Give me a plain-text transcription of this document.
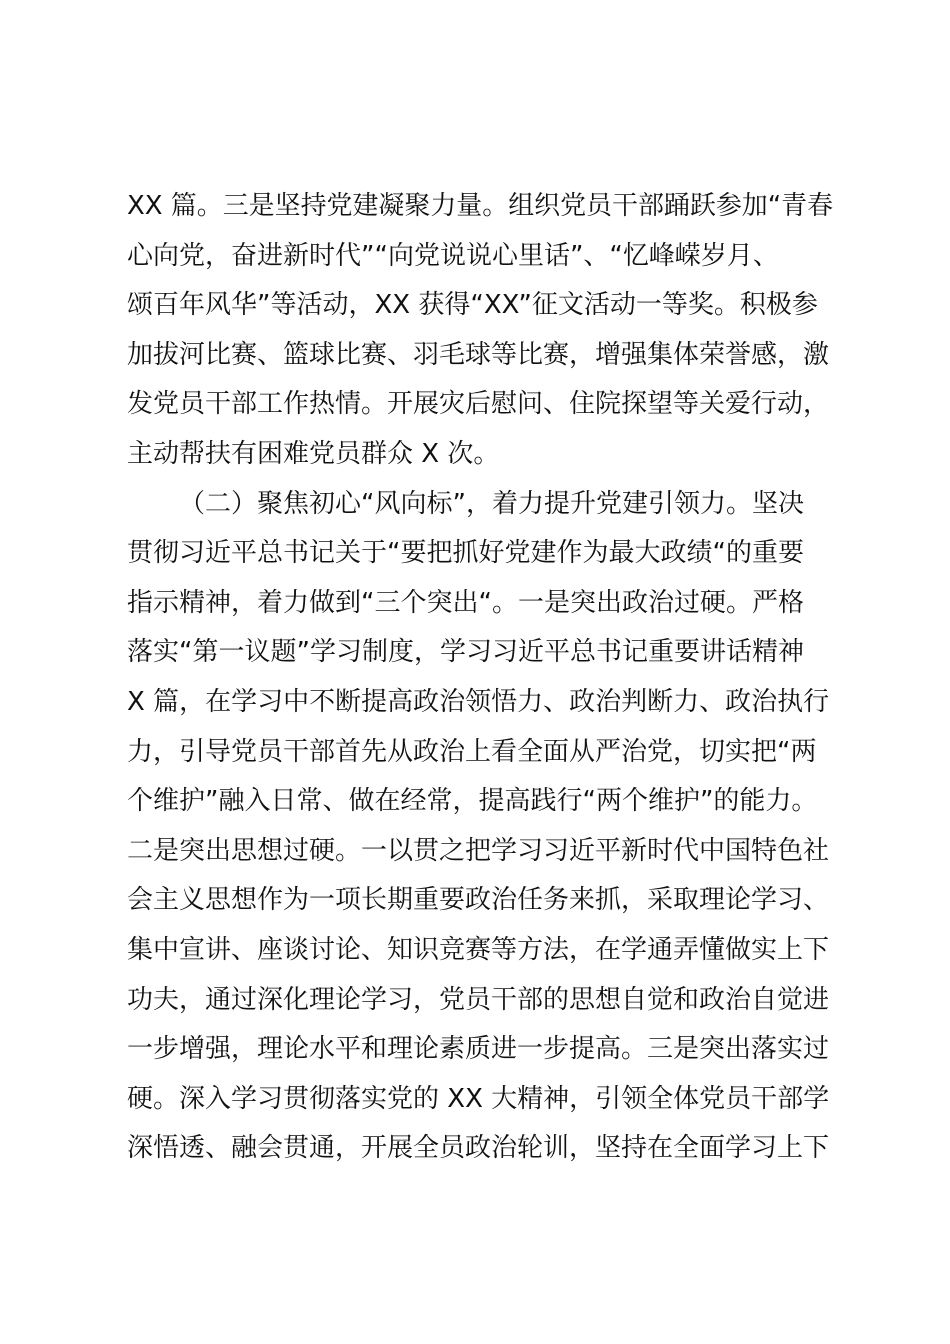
XX 篇。三是坚持党建凝聚力量。组织党员干部踊跃参加“青春
心向党，奋进新时代”“向党说说心里话”、“忆峰嵘岁月、
颂百年风华”等活动，XX 获得“XX”征文活动一等奖。积极参
加拔河比赛、篮球比赛、羽毛球等比赛，增强集体荣誉感，激
发党员干部工作热情。开展灾后慰问、住院探望等关爱行动，
主动帮扶有困难党员群众 X 次。
（二）聚焦初心“风向标”，着力提升党建引领力。坚决
贯彻习近平总书记关于“要把抓好党建作为最大政绩“的重要
指示精神，着力做到“三个突出“。一是突出政治过硬。严格
落实“第一议题”学习制度，学习习近平总书记重要讲话精神
X 篇，在学习中不断提高政治领悟力、政治判断力、政治执行
力，引导党员干部首先从政治上看全面从严治党，切实把“两
个维护”融入日常、做在经常，提高践行“两个维护”的能力。
二是突出思想过硬。一以贯之把学习习近平新时代中国特色社
会主义思想作为一项长期重要政治任务来抓，采取理论学习、
集中宣讲、座谈讨论、知识竞赛等方法，在学通弄懂做实上下
功夫，通过深化理论学习，党员干部的思想自觉和政治自觉进
一步增强，理论水平和理论素质进一步提高。三是突出落实过
硬。深入学习贯彻落实党的 XX 大精神，引领全体党员干部学
深悟透、融会贯通，开展全员政治轮训，坚持在全面学习上下
